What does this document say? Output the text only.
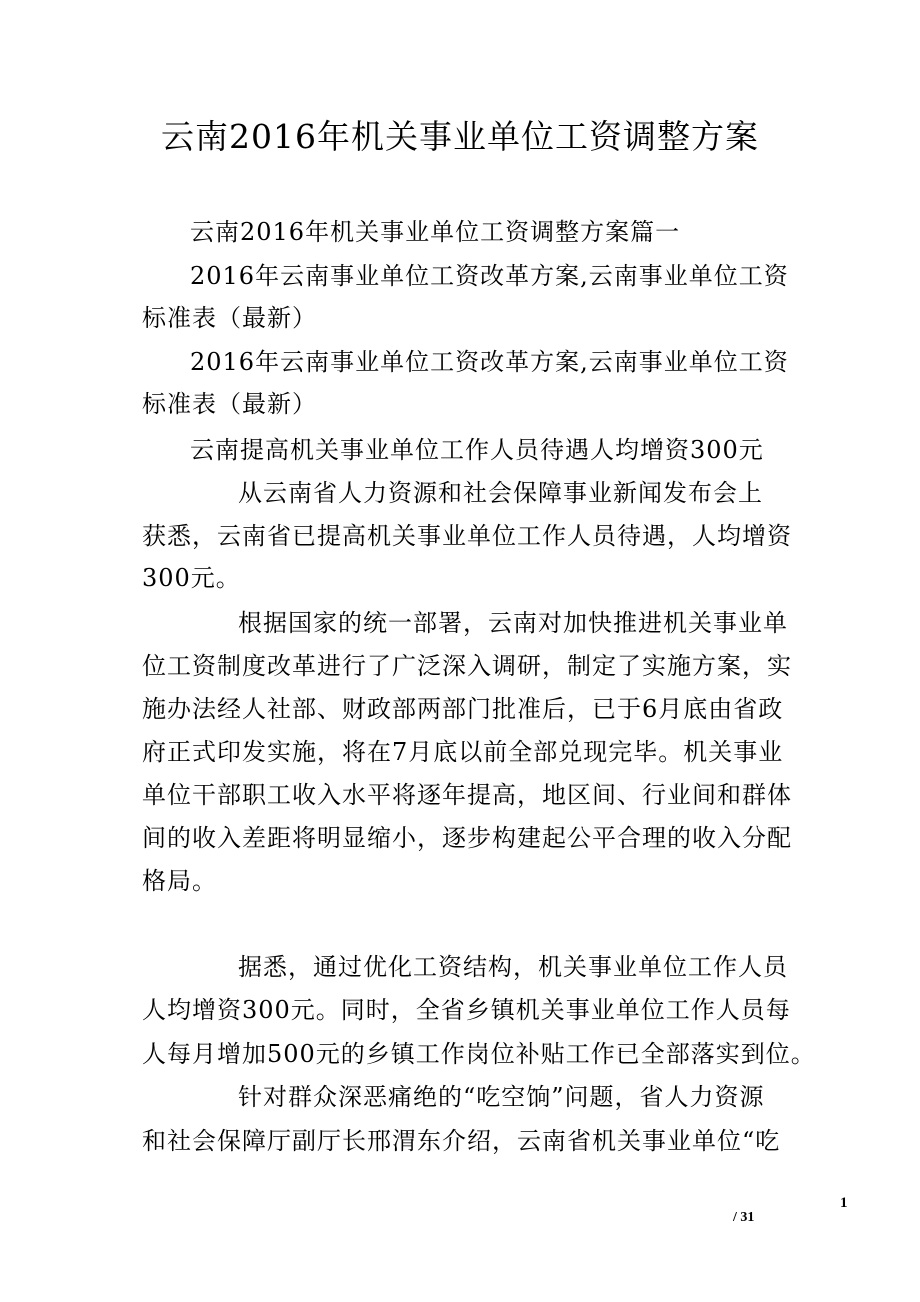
云南2016年机关事业单位工资调整方案
云南2016年机关事业单位工资调整方案篇一
2016年云南事业单位工资改革方案,云南事业单位工资
标准表（最新）
2016年云南事业单位工资改革方案,云南事业单位工资
标准表（最新）
云南提高机关事业单位工作人员待遇人均增资300元
从云南省人力资源和社会保障事业新闻发布会上
获悉，云南省已提高机关事业单位工作人员待遇，人均增资
300元。
根据国家的统一部署，云南对加快推进机关事业单
位工资制度改革进行了广泛深入调研，制定了实施方案，实
施办法经人社部、财政部两部门批准后，已于6月底由省政
府正式印发实施，将在7月底以前全部兑现完毕。机关事业
单位干部职工收入水平将逐年提高，地区间、行业间和群体
间的收入差距将明显缩小，逐步构建起公平合理的收入分配
格局。
据悉，通过优化工资结构，机关事业单位工作人员
人均增资300元。同时，全省乡镇机关事业单位工作人员每
人每月增加500元的乡镇工作岗位补贴工作已全部落实到位。
针对群众深恶痛绝的“吃空饷”问题，省人力资源
和社会保障厅副厅长邢渭东介绍，云南省机关事业单位“吃
1
/ 31
